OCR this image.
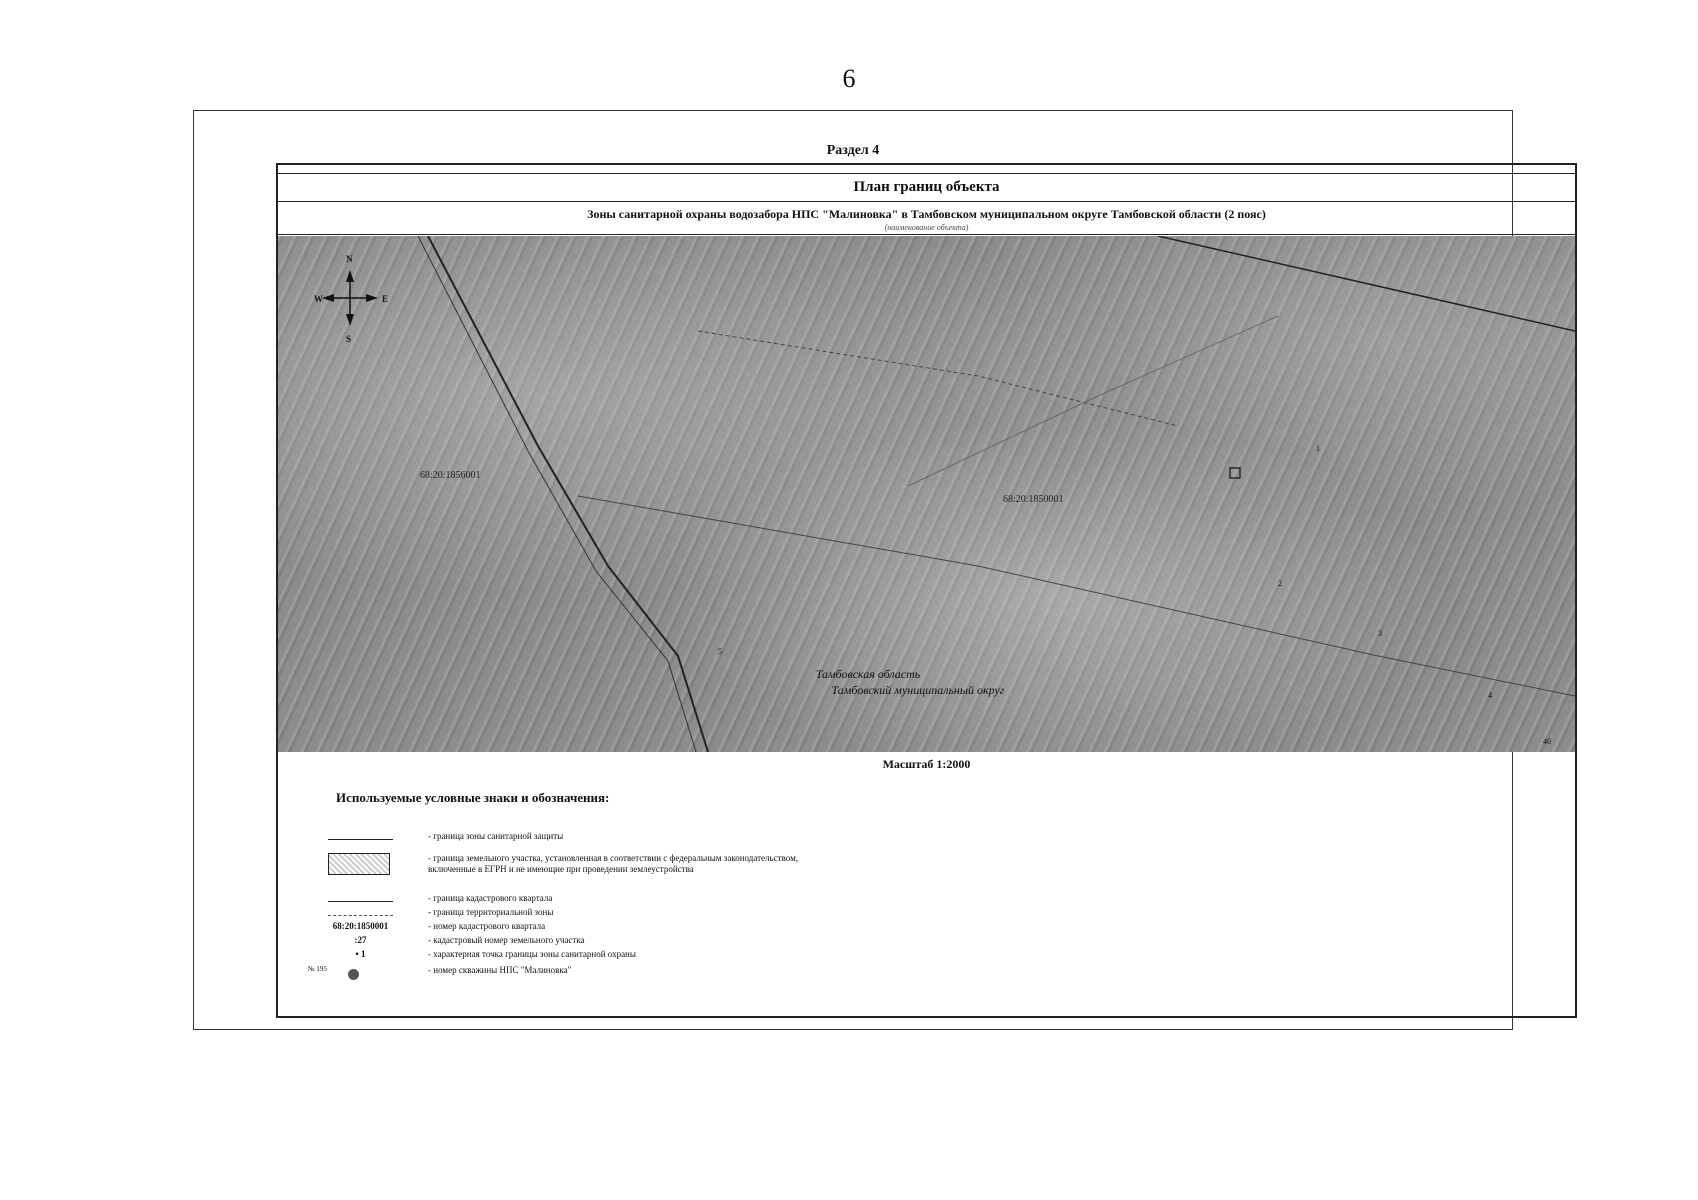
6
Раздел 4
План границ объекта
Зоны санитарной охраны водозабора НПС "Малиновка" в Тамбовском муниципальном округе Тамбовской области (2 пояс)
(наименование объекта)
N
S
W	E
68:20:1856001
68:20:1850001
Тамбовская область
Тамбовский муниципальный округ
1
2
3
4
5
40
Масштаб 1:2000
Используемые условные знаки и обозначения:
- граница зоны санитарной защиты
- граница земельного участка, установленная в соответствии с федеральным законодательством, включенные в ЕГРН и не имеющие при проведении землеустройства
- граница кадастрового квартала
- граница территориальной зоны
68:20:1850001	- номер кадастрового квартала
:27	- кадастровый номер земельного участка
• 1	- характерная точка границы зоны санитарной охраны
№ 195	- номер скважины НПС "Малиновка"
